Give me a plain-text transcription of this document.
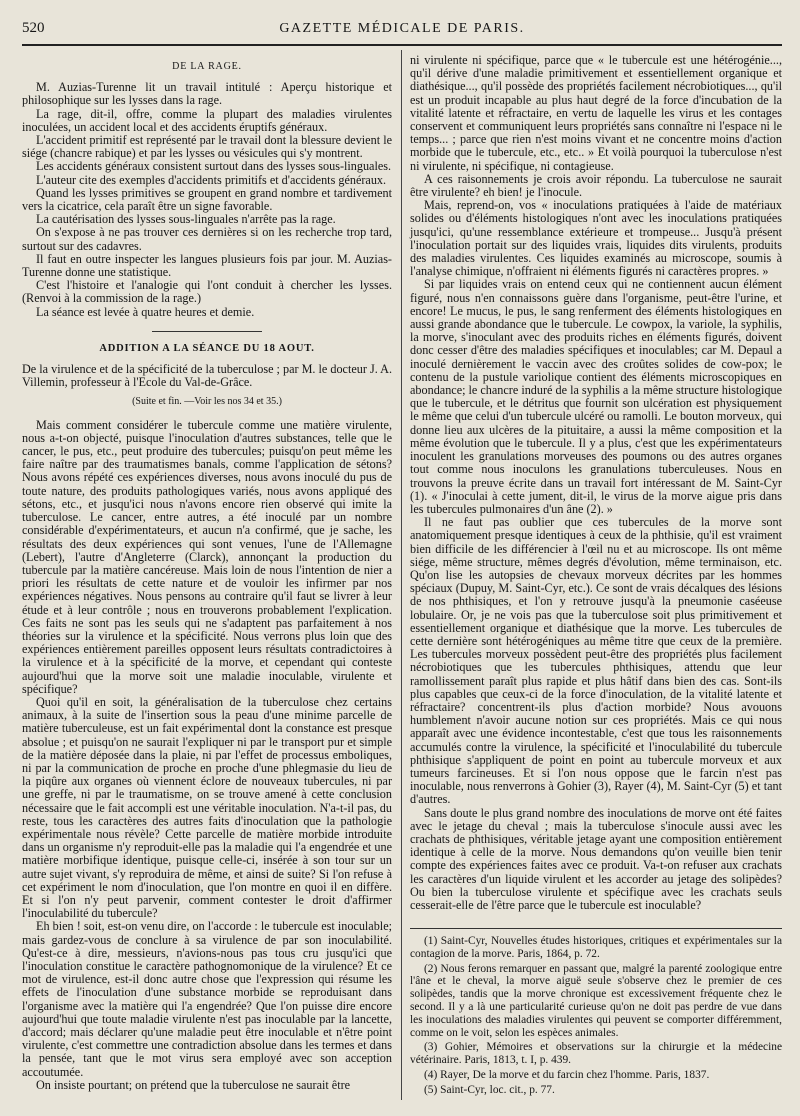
520	GAZETTE MÉDICALE DE PARIS.
DE LA RAGE.

M. Auzias-Turenne lit un travail intitulé : Aperçu historique et philosophique sur les lysses dans la rage.

La rage, dit-il, offre, comme la plupart des maladies virulentes inoculées, un accident local et des accidents éruptifs généraux.

L'accident primitif est représenté par le travail dont la blessure devient le siége (chancre rabique) et par les lysses ou vésicules qui s'y montrent.

Les accidents généraux consistent surtout dans des lysses sous-linguales.

L'auteur cite des exemples d'accidents primitifs et d'accidents généraux.

Quand les lysses primitives se groupent en grand nombre et tardivement vers la cicatrice, cela paraît être un signe favorable.

La cautérisation des lysses sous-linguales n'arrête pas la rage.

On s'expose à ne pas trouver ces dernières si on les recherche trop tard, surtout sur des cadavres.

Il faut en outre inspecter les langues plusieurs fois par jour. M. Auzias-Turenne donne une statistique.

C'est l'histoire et l'analogie qui l'ont conduit à chercher les lysses. (Renvoi à la commission de la rage.)

La séance est levée à quatre heures et demie.

ADDITION A LA SÉANCE DU 18 AOUT.

De la virulence et de la spécificité de la tuberculose ; par M. le docteur J. A. Villemin, professeur à l'Ecole du Val-de-Grâce.

(Suite et fin. —Voir les nos 34 et 35.)

Mais comment considérer le tubercule comme une matière virulente, nous a-t-on objecté, puisque l'inoculation d'autres substances, telle que le cancer, le pus, etc., peut produire des tubercules; puisqu'on peut même les faire naître par des traumatismes banals, comme l'application de sétons? Nous avons répété ces expériences diverses, nous avons inoculé du pus de toute nature, des produits pathologiques variés, nous avons appliqué des sétons, etc., et jusqu'ici nous n'avons encore rien observé qui imite la tuberculose. Le cancer, entre autres, a été inoculé par un nombre considérable d'expérimentateurs, et aucun n'a confirmé, que je sache, les résultats des deux expériences qui sont venues, l'une de l'Allemagne (Lebert), l'autre d'Angleterre (Clarck), annonçant la production du tubercule par la matière cancéreuse. Mais loin de nous l'intention de nier a priori les résultats de cette nature et de vouloir les infirmer par nos expériences négatives. Nous pensons au contraire qu'il faut se livrer à leur étude et à leur contrôle ; nous en trouverons probablement l'explication. Ces faits ne sont pas les seuls qui ne s'adaptent pas parfaitement à nos théories sur la virulence et la spécificité. Nous verrons plus loin que des expériences entièrement pareilles opposent leurs résultats contradictoires à la virulence et à la spécificité de la morve, et cependant qui conteste aujourd'hui que la morve soit une maladie inoculable, virulente et spécifique?

Quoi qu'il en soit, la généralisation de la tuberculose chez certains animaux, à la suite de l'insertion sous la peau d'une minime parcelle de matière tuberculeuse, est un fait expérimental dont la constance est presque absolue ; et puisqu'on ne saurait l'expliquer ni par le transport pur et simple de la matière déposée dans la plaie, ni par l'effet de processus emboliques, ni par la communication de proche en proche d'une phlegmasie du lieu de la piqûre aux organes où viennent éclore de nouveaux tubercules, ni par une greffe, ni par le traumatisme, on se trouve amené à cette conclusion nécessaire que le fait accompli est une véritable inoculation. N'a-t-il pas, du reste, tous les caractères des autres faits d'inoculation que la pathologie expérimentale nous révèle? Cette parcelle de matière morbide introduite dans un organisme n'y reproduit-elle pas la maladie qui l'a engendrée et une matière morbifique identique, puisque celle-ci, insérée à son tour sur un autre sujet vivant, s'y reproduira de même, et ainsi de suite? Si l'on refuse à cet expériment le nom d'inoculation, que l'on montre en quoi il en diffère. Et si l'on n'y peut parvenir, comment contester le droit d'affirmer l'inoculabilité du tubercule?

Eh bien ! soit, est-on venu dire, on l'accorde : le tubercule est inoculable; mais gardez-vous de conclure à sa virulence de par son inoculabilité. Qu'est-ce à dire, messieurs, n'avions-nous pas tous cru jusqu'ici que l'inoculation constitue le caractère pathognomonique de la virulence? Et ce mot de virulence, est-il donc autre chose que l'expression qui résume les effets de l'inoculation d'une substance morbide se reproduisant dans l'organisme avec la matière qui l'a engendrée? Que l'on puisse dire encore aujourd'hui que toute maladie virulente n'est pas inoculable par la lancette, d'accord; mais déclarer qu'une maladie peut être inoculable et n'être point virulente, c'est commettre une contradiction absolue dans les termes et dans la pensée, tant que le mot virus sera employé avec son acception accoutumée.

On insiste pourtant; on prétend que la tuberculose ne saurait être

ni virulente ni spécifique, parce que « le tubercule est une hétérogénie..., qu'il dérive d'une maladie primitivement et essentiellement organique et diathésique..., qu'il possède des propriétés facilement nécrobiotiques..., qu'il est un produit incapable au plus haut degré de la force d'incubation de la vitalité latente et réfractaire, en vertu de laquelle les virus et les contages conservent et communiquent leurs propriétés sans connaître ni l'espace ni le temps... ; parce que rien n'est moins vivant et ne concentre moins d'action morbide que le tubercule, etc., etc.. » Et voilà pourquoi la tuberculose n'est ni virulente, ni spécifique, ni contagieuse.

A ces raisonnements je crois avoir répondu. La tuberculose ne saurait être virulente? eh bien! je l'inocule.

Mais, reprend-on, vos « inoculations pratiquées à l'aide de matériaux solides ou d'éléments histologiques n'ont avec les inoculations pratiquées jusqu'ici, qu'une ressemblance extérieure et trompeuse... Jusqu'à présent l'inoculation portait sur des liquides vrais, liquides dits virulents, produits des maladies virulentes. Ces liquides examinés au microscope, soumis à l'analyse chimique, n'offraient ni éléments figurés ni caractères propres. »

Si par liquides vrais on entend ceux qui ne contiennent aucun élément figuré, nous n'en connaissons guère dans l'organisme, peut-être l'urine, et encore! Le mucus, le pus, le sang renferment des éléments histologiques en aussi grande abondance que le tubercule. Le cowpox, la variole, la syphilis, la morve, s'inoculant avec des produits riches en éléments figurés, doivent donc cesser d'être des maladies spécifiques et inoculables; car M. Depaul a inoculé dernièrement le vaccin avec des croûtes solides de cow-pox; le contenu de la pustule variolique contient des éléments microscopiques en abondance; le chancre induré de la syphilis a la même structure histologique que le tubercule, et le détritus que fournit son ulcération est physiquement le même que celui d'un tubercule ulcéré ou ramolli. Le bouton morveux, qui donne lieu aux ulcères de la pituitaire, a aussi la même composition et la même évolution que le tubercule. Il y a plus, c'est que les expérimentateurs inoculent les granulations morveuses des poumons ou des autres organes tout comme nous inoculons les granulations tuberculeuses. Nous en trouvons la preuve écrite dans un travail fort intéressant de M. Saint-Cyr (1). « J'inoculai à cette jument, dit-il, le virus de la morve aigue pris dans les tubercules pulmonaires d'un âne (2). »

Il ne faut pas oublier que ces tubercules de la morve sont anatomiquement presque identiques à ceux de la phthisie, qu'il est vraiment bien difficile de les différencier à l'œil nu et au microscope. Ils ont même siége, même structure, mêmes degrés d'évolution, même terminaison, etc. Qu'on lise les autopsies de chevaux morveux décrites par les hommes spéciaux (Dupuy, M. Saint-Cyr, etc.). Ce sont de vrais décalques des lésions de nos phthisiques, et l'on y retrouve jusqu'à la pneumonie caséeuse lobulaire. Or, je ne vois pas que la tuberculose soit plus primitivement et essentiellement organique et diathésique que la morve. Les tubercules de cette dernière sont hétérogéniques au même titre que ceux de la première. Les tubercules morveux possèdent peut-être des propriétés plus facilement nécrobiotiques que les tubercules phthisiques, attendu que leur ramollissement paraît plus rapide et plus hâtif dans bien des cas. Sont-ils plus capables que ceux-ci de la force d'inoculation, de la vitalité latente et réfractaire? concentrent-ils plus d'action morbide? Nous avouons humblement n'avoir aucune notion sur ces propriétés. Mais ce qui nous apparaît avec une évidence incontestable, c'est que tous les raisonnements accumulés contre la virulence, la spécificité et l'inoculabilité du tubercule phthisique s'appliquent de point en point au tubercule morveux et aux tumeurs farcineuses. Et si l'on nous oppose que le farcin n'est pas inoculable, nous renverrons à Gohier (3), Rayer (4), M. Saint-Cyr (5) et tant d'autres.

Sans doute le plus grand nombre des inoculations de morve ont été faites avec le jetage du cheval ; mais la tuberculose s'inocule aussi avec les crachats de phthisiques, véritable jetage ayant une composition entièrement identique à celle de la morve. Nous demandons qu'on veuille bien tenir compte des expériences faites avec ce produit. Va-t-on refuser aux crachats les caractères d'un liquide virulent et les accorder au jetage des solipèdes? Ou bien la tuberculose virulente et spécifique avec les crachats seuls cesserait-elle de l'être parce que le tubercule est inoculable?

(1) Saint-Cyr, Nouvelles études historiques, critiques et expérimentales sur la contagion de la morve. Paris, 1864, p. 72.

(2) Nous ferons remarquer en passant que, malgré la parenté zoologique entre l'âne et le cheval, la morve aiguë seule s'observe chez le premier de ces solipèdes, tandis que la morve chronique est excessivement fréquente chez le second. Il y a là une particularité curieuse qu'on ne doit pas perdre de vue dans les inoculations des maladies virulentes qui peuvent se comporter différemment, comme on le voit, selon les espèces animales.

(3) Gohier, Mémoires et observations sur la chirurgie et la médecine vétérinaire. Paris, 1813, t. I, p. 439.

(4) Rayer, De la morve et du farcin chez l'homme. Paris, 1837.

(5) Saint-Cyr, loc. cit., p. 77.
